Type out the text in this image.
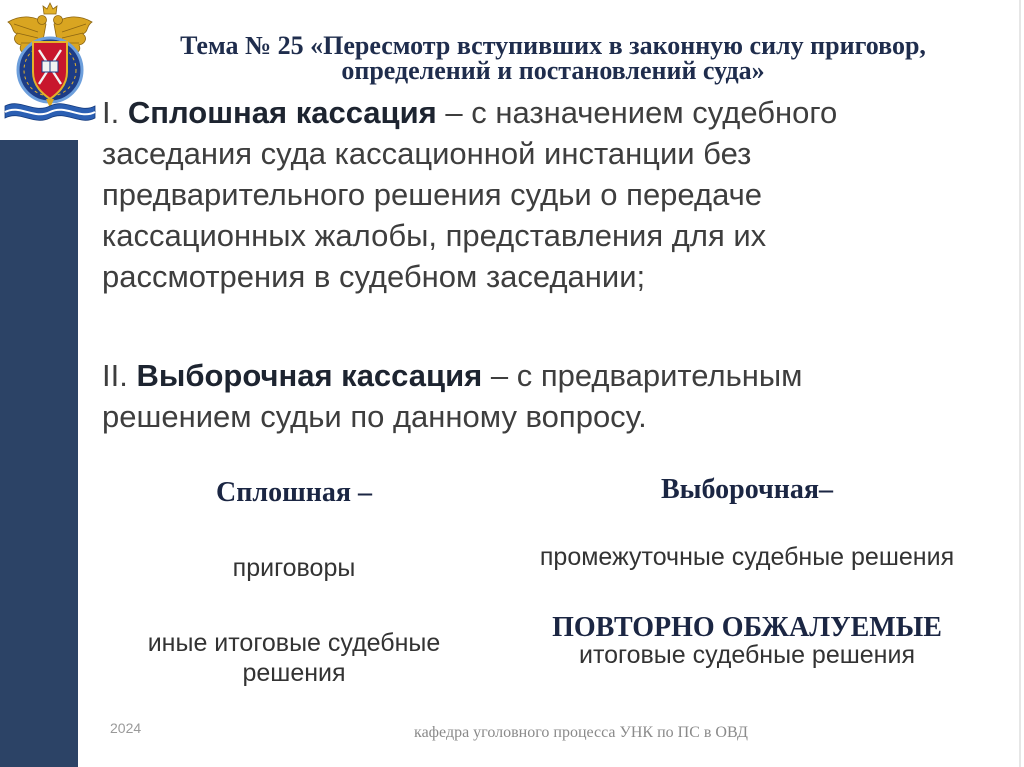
Тема № 25 «Пересмотр вступивших в законную силу приговор,
определений и постановлений суда»
I. Сплошная кассация – с назначением судебного
заседания суда кассационной инстанции без
предварительного решения судьи о передаче
кассационных жалобы, представления для их
рассмотрения в судебном заседании;
II. Выборочная кассация – с предварительным
решением судьи по данному вопросу.
Сплошная –
приговоры
иные итоговые судебные решения
Выборочная–
промежуточные судебные решения
ПОВТОРНО ОБЖАЛУЕМЫЕ
итоговые судебные решения
2024	кафедра уголовного процесса УНК по ПС в ОВД
